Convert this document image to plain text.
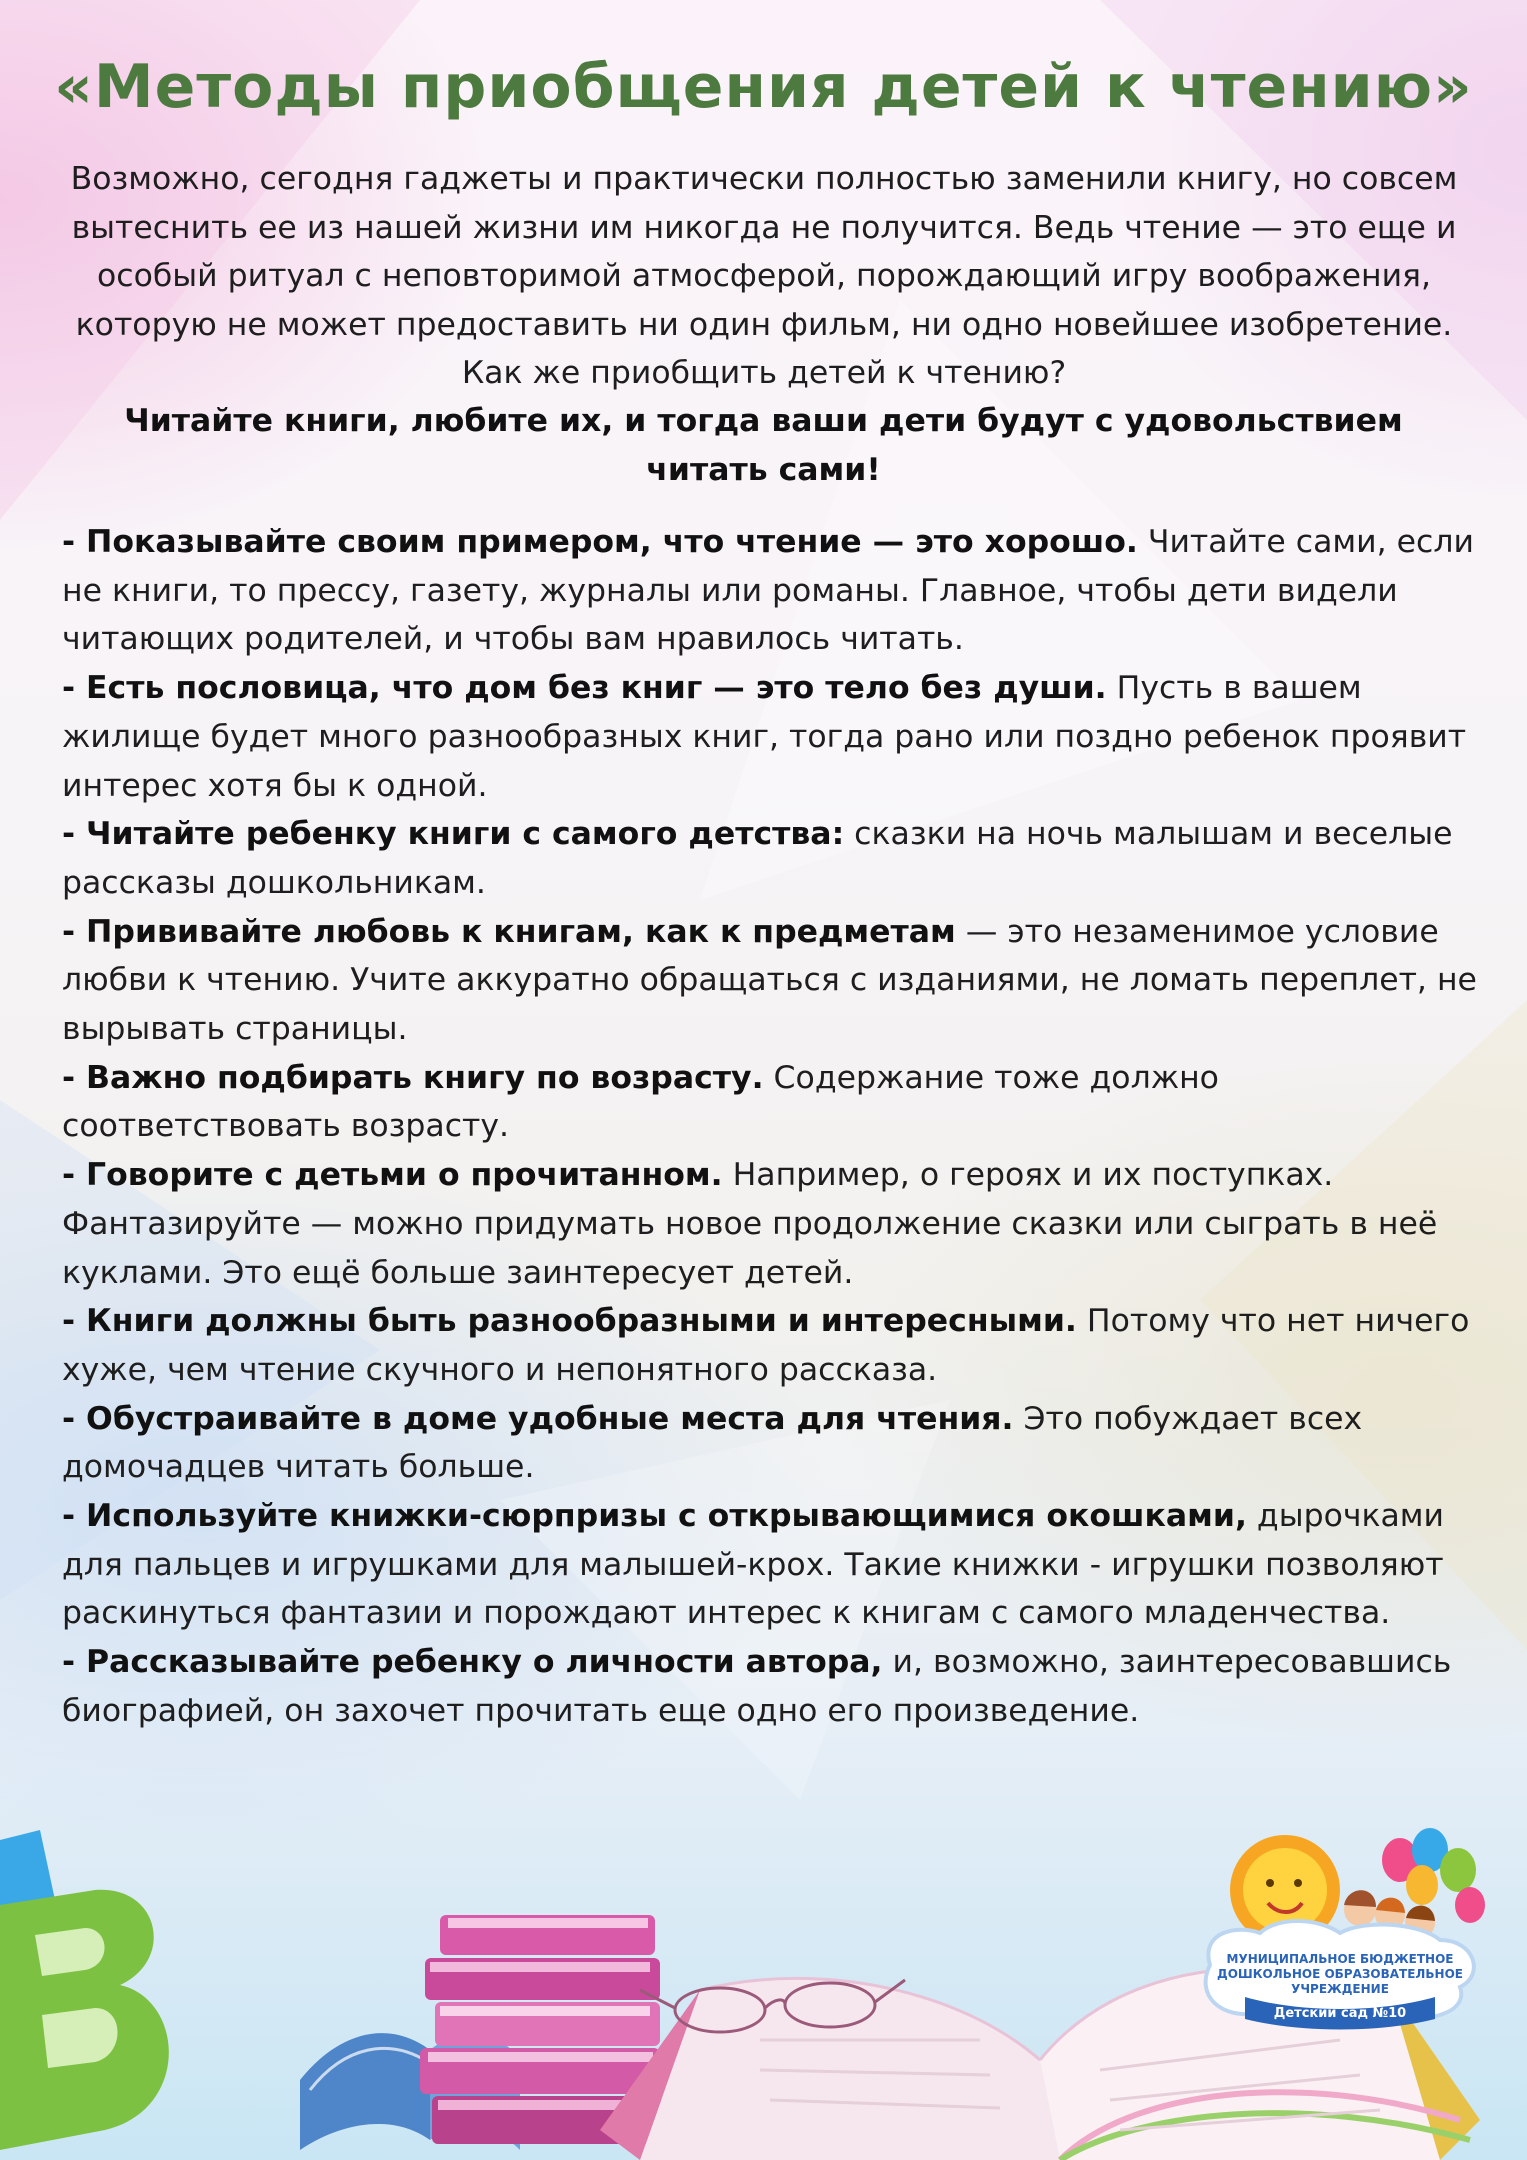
«Методы приобщения детей к чтению»

Возможно, сегодня гаджеты и практически полностью заменили книгу, но совсем вытеснить ее из нашей жизни им никогда не получится. Ведь чтение — это еще и особый ритуал с неповторимой атмосферой, порождающий игру воображения, которую не может предоставить ни один фильм, ни одно новейшее изобретение. Как же приобщить детей к чтению?

Читайте книги, любите их, и тогда ваши дети будут с удовольствием читать сами!

- Показывайте своим примером, что чтение — это хорошо. Читайте сами, если не книги, то прессу, газету, журналы или романы. Главное, чтобы дети видели читающих родителей, и чтобы вам нравилось читать.
- Есть пословица, что дом без книг — это тело без души. Пусть в вашем жилище будет много разнообразных книг, тогда рано или поздно ребенок проявит интерес хотя бы к одной.
- Читайте ребенку книги с самого детства: сказки на ночь малышам и веселые рассказы дошкольникам.
- Прививайте любовь к книгам, как к предметам — это незаменимое условие любви к чтению. Учите аккуратно обращаться с изданиями, не ломать переплет, не вырывать страницы.
- Важно подбирать книгу по возрасту. Содержание тоже должно соответствовать возрасту.
- Говорите с детьми о прочитанном. Например, о героях и их поступках. Фантазируйте — можно придумать новое продолжение сказки или сыграть в неё куклами. Это ещё больше заинтересует детей.
- Книги должны быть разнообразными и интересными. Потому что нет ничего хуже, чем чтение скучного и непонятного рассказа.
- Обустраивайте в доме удобные места для чтения. Это побуждает всех домочадцев читать больше.
- Используйте книжки-сюрпризы с открывающимися окошками, дырочками для пальцев и игрушками для малышей-крох. Такие книжки - игрушки позволяют раскинуться фантазии и порождают интерес к книгам с самого младенчества.
- Рассказывайте ребенку о личности автора, и, возможно, заинтересовавшись биографией, он захочет прочитать еще одно его произведение.
МУНИЦИПАЛЬНОЕ БЮДЖЕТНОЕ
ДОШКОЛЬНОЕ ОБРАЗОВАТЕЛЬНОЕ
УЧРЕЖДЕНИЕ
Детский сад №10
